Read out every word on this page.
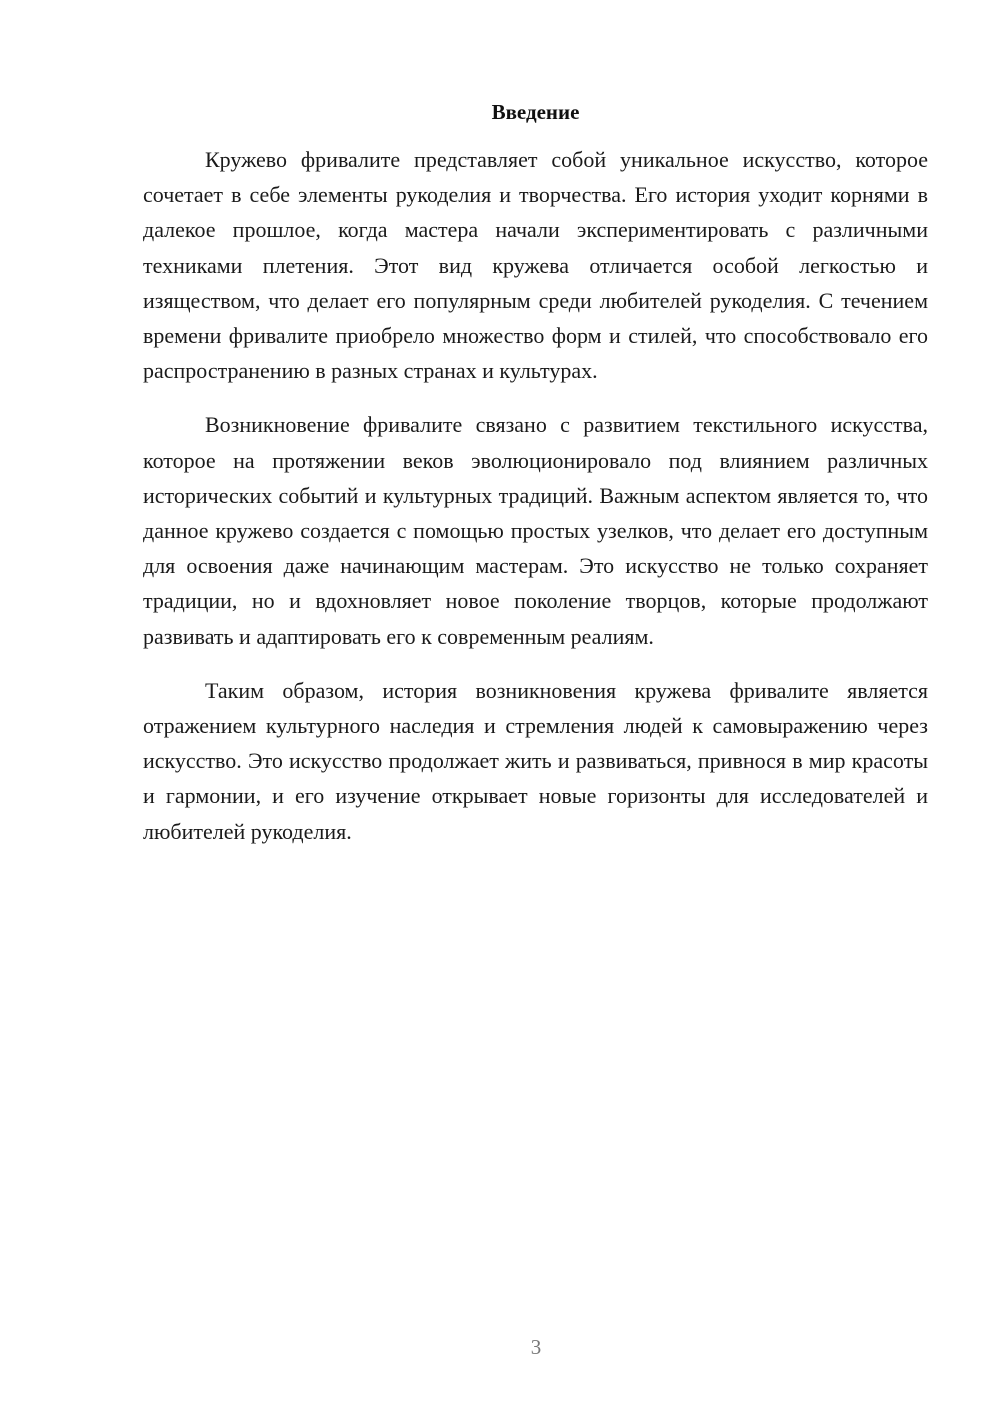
Введение

Кружево фривалите представляет собой уникальное искусство, которое сочетает в себе элементы рукоделия и творчества. Его история уходит корнями в далекое прошлое, когда мастера начали экспериментировать с различными техниками плетения. Этот вид кружева отличается особой легкостью и изяществом, что делает его популярным среди любителей рукоделия. С течением времени фривалите приобрело множество форм и стилей, что способствовало его распространению в разных странах и культурах.

Возникновение фривалите связано с развитием текстильного искусства, которое на протяжении веков эволюционировало под влиянием различных исторических событий и культурных традиций. Важным аспектом является то, что данное кружево создается с помощью простых узелков, что делает его доступным для освоения даже начинающим мастерам. Это искусство не только сохраняет традиции, но и вдохновляет новое поколение творцов, которые продолжают развивать и адаптировать его к современным реалиям.

Таким образом, история возникновения кружева фривалите является отражением культурного наследия и стремления людей к самовыражению через искусство. Это искусство продолжает жить и развиваться, привнося в мир красоты и гармонии, и его изучение открывает новые горизонты для исследователей и любителей рукоделия.

3
